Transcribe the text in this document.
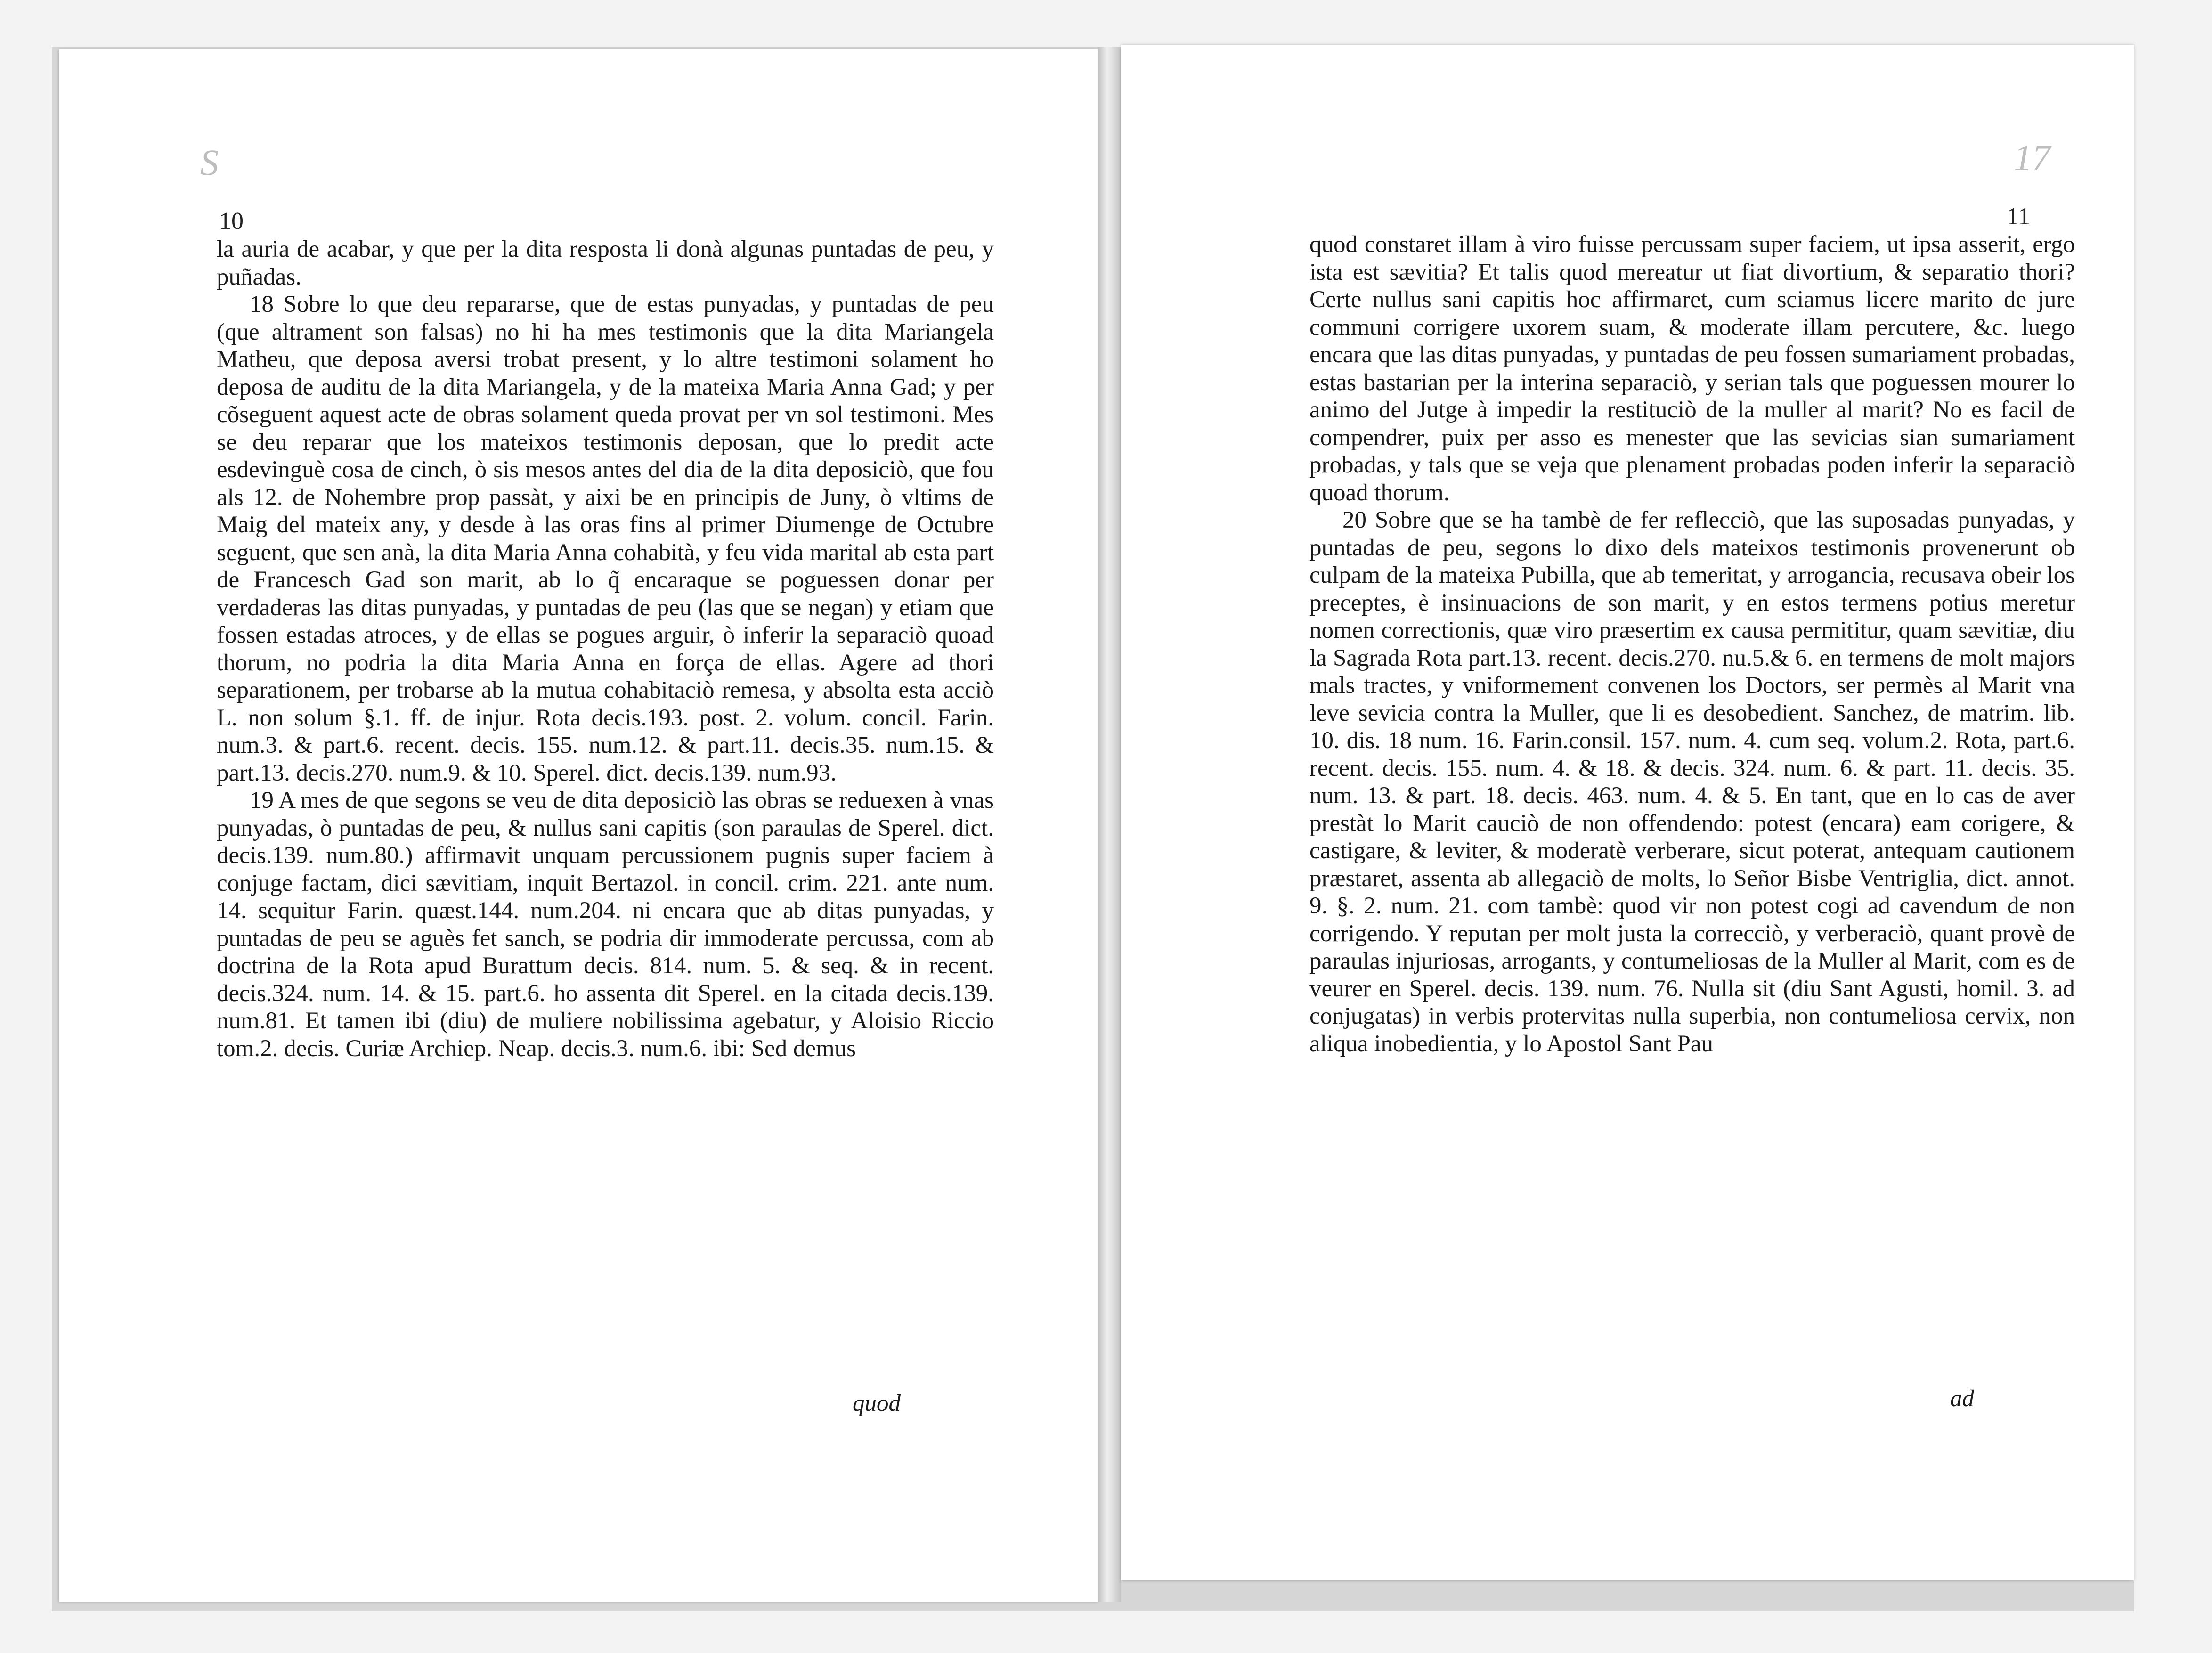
S
10

la auria de acabar, y que per la dita resposta li donà algunas puntadas de peu, y puñadas.

18 Sobre lo que deu repararse, que de estas punyadas, y puntadas de peu (que altrament son falsas) no hi ha mes testimonis que la dita Mariangela Matheu, que deposa aversi trobat present, y lo altre testimoni solament ho deposa de auditu de la dita Mariangela, y de la mateixa Maria Anna Gad; y per cõseguent aquest acte de obras solament queda provat per vn sol testimoni. Mes se deu reparar que los mateixos testimonis deposan, que lo predit acte esdevinguè cosa de cinch, ò sis mesos antes del dia de la dita deposiciò, que fou als 12. de Nohembre prop passàt, y aixi be en principis de Juny, ò vltims de Maig del mateix any, y desde à las oras fins al primer Diumenge de Octubre seguent, que sen anà, la dita Maria Anna cohabità, y feu vida marital ab esta part de Francesch Gad son marit, ab lo q̃ encaraque se poguessen donar per verdaderas las ditas punyadas, y puntadas de peu (las que se negan) y etiam que fossen estadas atroces, y de ellas se pogues arguir, ò inferir la separaciò quoad thorum, no podria la dita Maria Anna en força de ellas. Agere ad thori separationem, per trobarse ab la mutua cohabitaciò remesa, y absolta esta acciò L. non solum §.1. ff. de injur. Rota decis.193. post. 2. volum. concil. Farin. num.3. & part.6. recent. decis. 155. num.12. & part.11. decis.35. num.15. & part.13. decis.270. num.9. & 10. Sperel. dict. decis.139. num.93.

19 A mes de que segons se veu de dita deposiciò las obras se reduexen à vnas punyadas, ò puntadas de peu, & nullus sani capitis (son paraulas de Sperel. dict. decis.139. num.80.) affirmavit unquam percussionem pugnis super faciem à conjuge factam, dici sævitiam, inquit Bertazol. in concil. crim. 221. ante num. 14. sequitur Farin. quæst.144. num.204. ni encara que ab ditas punyadas, y puntadas de peu se aguès fet sanch, se podria dir immoderate percussa, com ab doctrina de la Rota apud Burattum decis. 814. num. 5. & seq. & in recent. decis.324. num. 14. & 15. part.6. ho assenta dit Sperel. en la citada decis.139. num.81. Et tamen ibi (diu) de muliere nobilissima agebatur, y Aloisio Riccio tom.2. decis. Curiæ Archiep. Neap. decis.3. num.6. ibi: Sed demus

quod
17
11

quod constaret illam à viro fuisse percussam super faciem, ut ipsa asserit, ergo ista est sævitia? Et talis quod mereatur ut fiat divortium, & separatio thori? Certe nullus sani capitis hoc affirmaret, cum sciamus licere marito de jure communi corrigere uxorem suam, & moderate illam percutere, &c. luego encara que las ditas punyadas, y puntadas de peu fossen sumariament probadas, estas bastarian per la interina separaciò, y serian tals que poguessen mourer lo animo del Jutge à impedir la restituciò de la muller al marit? No es facil de compendrer, puix per asso es menester que las sevicias sian sumariament probadas, y tals que se veja que plenament probadas poden inferir la separaciò quoad thorum.

20 Sobre que se ha tambè de fer reflecciò, que las suposadas punyadas, y puntadas de peu, segons lo dixo dels mateixos testimonis provenerunt ob culpam de la mateixa Pubilla, que ab temeritat, y arrogancia, recusava obeir los preceptes, è insinuacions de son marit, y en estos termens potius meretur nomen correctionis, quæ viro præsertim ex causa permititur, quam sævitiæ, diu la Sagrada Rota part.13. recent. decis.270. nu.5.& 6. en termens de molt majors mals tractes, y vniformement convenen los Doctors, ser permès al Marit vna leve sevicia contra la Muller, que li es desobedient. Sanchez, de matrim. lib. 10. dis. 18 num. 16. Farin.consil. 157. num. 4. cum seq. volum.2. Rota, part.6. recent. decis. 155. num. 4. & 18. & decis. 324. num. 6. & part. 11. decis. 35. num. 13. & part. 18. decis. 463. num. 4. & 5. En tant, que en lo cas de aver prestàt lo Marit cauciò de non offendendo: potest (encara) eam corigere, & castigare, & leviter, & moderatè verberare, sicut poterat, antequam cautionem præstaret, assenta ab allegaciò de molts, lo Señor Bisbe Ventriglia, dict. annot. 9. §. 2. num. 21. com tambè: quod vir non potest cogi ad cavendum de non corrigendo. Y reputan per molt justa la correcciò, y verberaciò, quant provè de paraulas injuriosas, arrogants, y contumeliosas de la Muller al Marit, com es de veurer en Sperel. decis. 139. num. 76. Nulla sit (diu Sant Agusti, homil. 3. ad conjugatas) in verbis protervitas nulla superbia, non contumeliosa cervix, non aliqua inobedientia, y lo Apostol Sant Pau

ad
